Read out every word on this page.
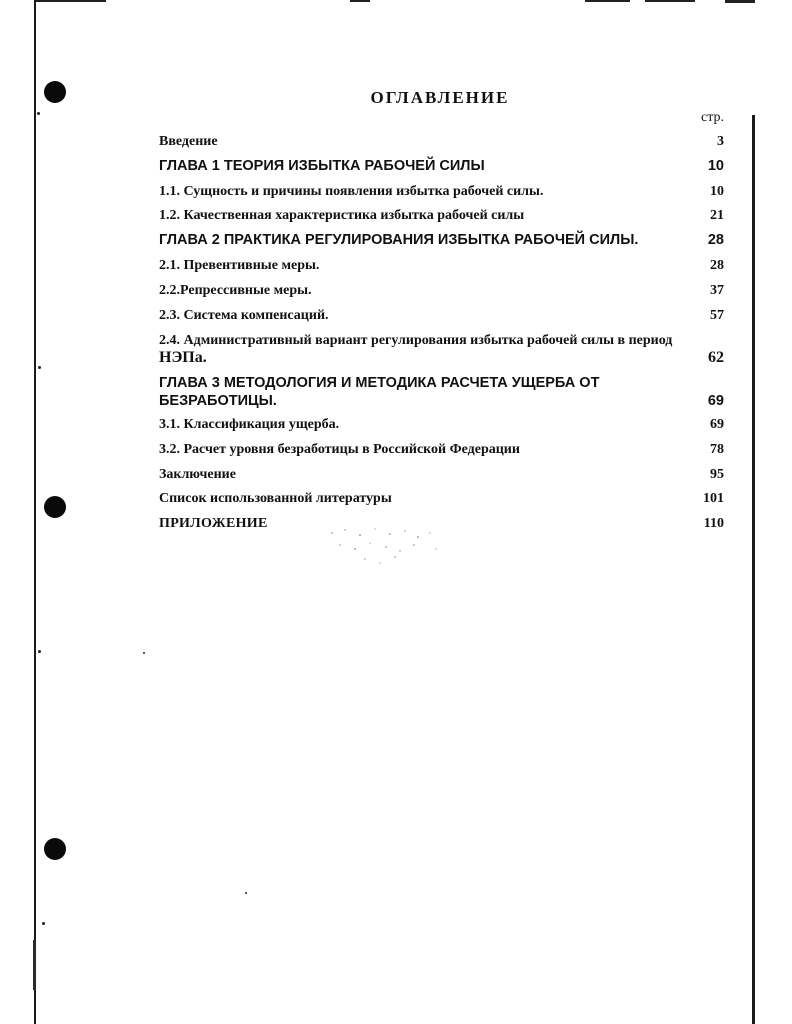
ОГЛАВЛЕНИЕ
стр.
Введение	3
ГЛАВА 1 ТЕОРИЯ ИЗБЫТКА РАБОЧЕЙ СИЛЫ	10
1.1. Сущность и причины появления избытка рабочей силы.	10
1.2. Качественная характеристика избытка рабочей силы	21
ГЛАВА 2 ПРАКТИКА РЕГУЛИРОВАНИЯ ИЗБЫТКА РАБОЧЕЙ СИЛЫ.	28
2.1. Превентивные меры.	28
2.2.Репрессивные меры.	37
2.3. Система компенсаций.	57
2.4. Административный вариант регулирования избытка рабочей силы в период
НЭПа.	62
ГЛАВА 3 МЕТОДОЛОГИЯ И МЕТОДИКА РАСЧЕТА УЩЕРБА ОТ
БЕЗРАБОТИЦЫ.	69
3.1. Классификация ущерба.	69
3.2. Расчет уровня безработицы в Российской Федерации	78
Заключение	95
Список использованной литературы	101
ПРИЛОЖЕНИЕ	110
